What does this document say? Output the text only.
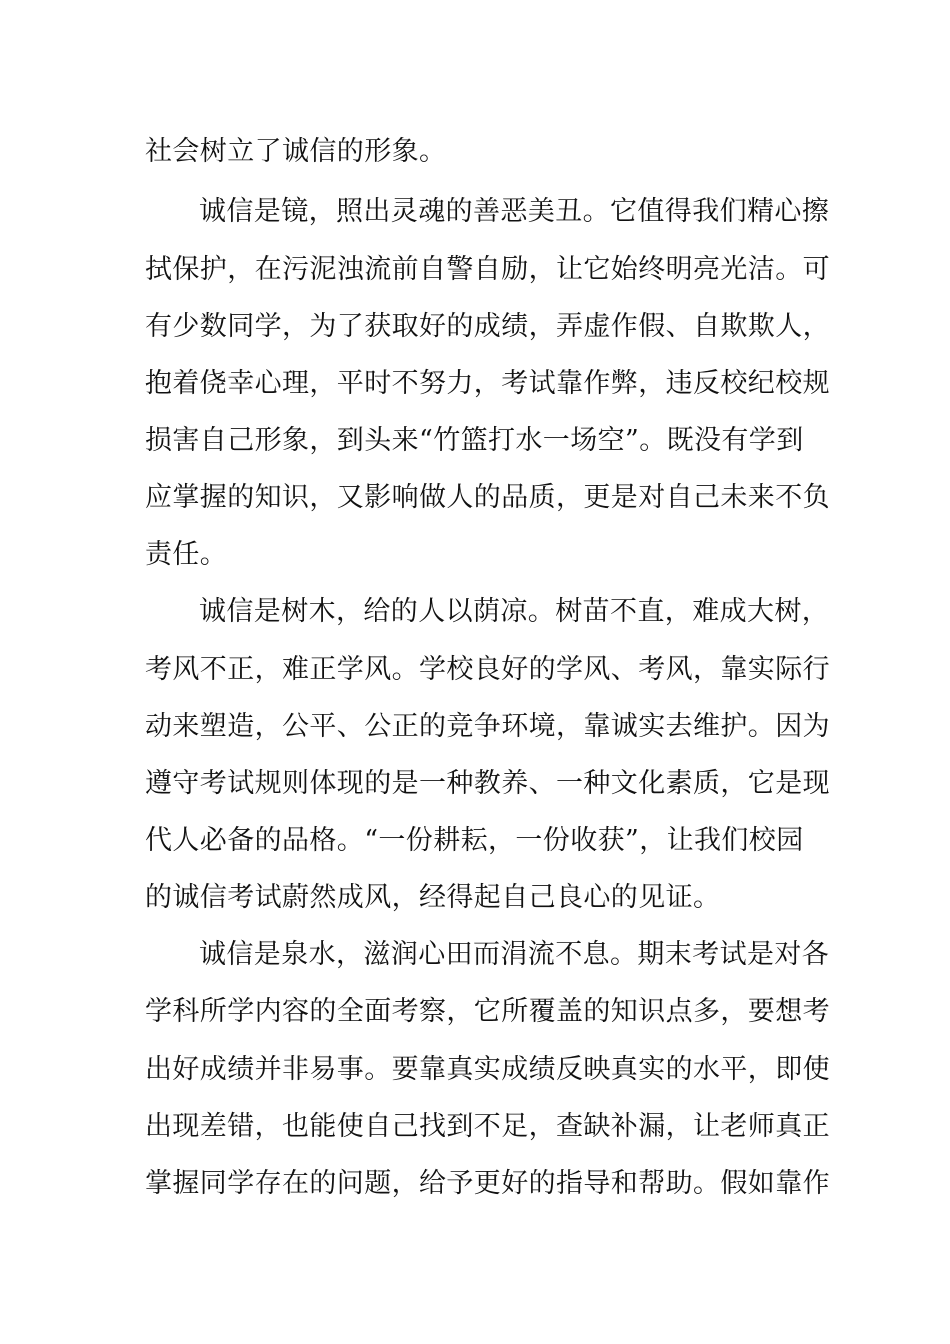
社会树立了诚信的形象。
诚信是镜，照出灵魂的善恶美丑。它值得我们精心擦
拭保护，在污泥浊流前自警自励，让它始终明亮光洁。可
有少数同学，为了获取好的成绩，弄虚作假、自欺欺人，
抱着侥幸心理，平时不努力，考试靠作弊，违反校纪校规
损害自己形象，到头来“竹篮打水一场空”。既没有学到
应掌握的知识，又影响做人的品质，更是对自己未来不负
责任。
诚信是树木，给的人以荫凉。树苗不直，难成大树，
考风不正，难正学风。学校良好的学风、考风，靠实际行
动来塑造，公平、公正的竞争环境，靠诚实去维护。因为
遵守考试规则体现的是一种教养、一种文化素质，它是现
代人必备的品格。“一份耕耘，一份收获”，让我们校园
的诚信考试蔚然成风，经得起自己良心的见证。
诚信是泉水，滋润心田而涓流不息。期末考试是对各
学科所学内容的全面考察，它所覆盖的知识点多，要想考
出好成绩并非易事。要靠真实成绩反映真实的水平，即使
出现差错，也能使自己找到不足，查缺补漏，让老师真正
掌握同学存在的问题，给予更好的指导和帮助。假如靠作
